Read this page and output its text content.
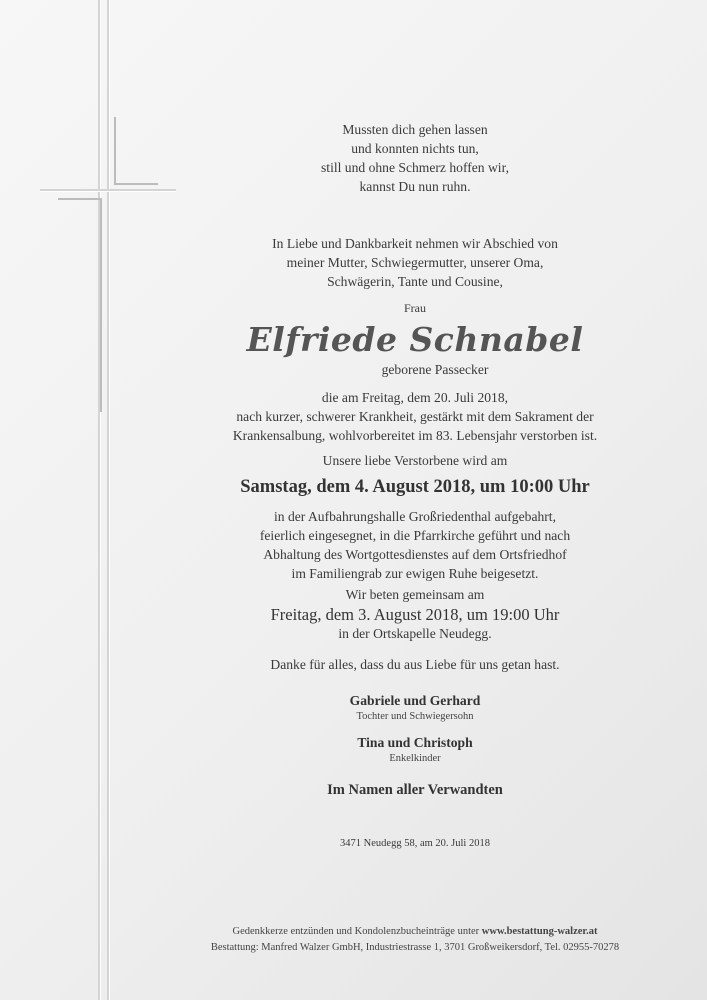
Mussten dich gehen lassen
und konnten nichts tun,
still und ohne Schmerz hoffen wir,
kannst Du nun ruhn.
In Liebe und Dankbarkeit nehmen wir Abschied von
meiner Mutter, Schwiegermutter, unserer Oma,
Schwägerin, Tante und Cousine,
Frau
Elfriede Schnabel
geborene Passecker
die am Freitag, dem 20. Juli 2018,
nach kurzer, schwerer Krankheit, gestärkt mit dem Sakrament der
Krankensalbung, wohlvorbereitet im 83. Lebensjahr verstorben ist.
Unsere liebe Verstorbene wird am
Samstag, dem 4. August 2018, um 10:00 Uhr
in der Aufbahrungshalle Großriedenthal aufgebahrt,
feierlich eingesegnet, in die Pfarrkirche geführt und nach
Abhaltung des Wortgottesdienstes auf dem Ortsfriedhof
im Familiengrab zur ewigen Ruhe beigesetzt.
Wir beten gemeinsam am
Freitag, dem 3. August 2018, um 19:00 Uhr
in der Ortskapelle Neudegg.
Danke für alles, dass du aus Liebe für uns getan hast.
Gabriele und Gerhard
Tochter und Schwiegersohn
Tina und Christoph
Enkelkinder
Im Namen aller Verwandten
3471 Neudegg 58, am 20. Juli 2018
Gedenkkerze entzünden und Kondolenzbucheinträge unter www.bestattung-walzer.at
Bestattung: Manfred Walzer GmbH, Industriestrasse 1, 3701 Großweikersdorf, Tel. 02955-70278
